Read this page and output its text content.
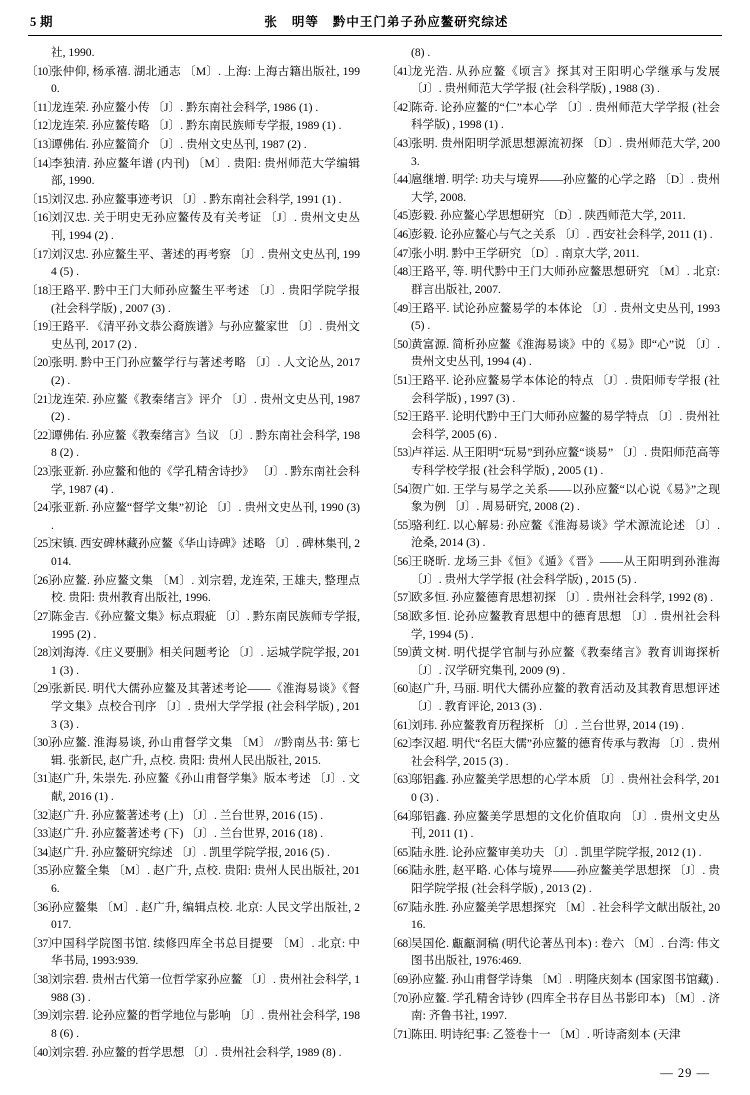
5 期	张 明等 黔中王门弟子孙应鳌研究综述
社, 1990.
〔10〕
张仲仰, 杨承禧. 湖北通志 〔M〕. 上海: 上海古籍出版社, 1990.
〔11〕
龙连荣. 孙应鳌小传 〔J〕. 黔东南社会科学, 1986 (1) .
〔12〕
龙连荣. 孙应鳌传略 〔J〕. 黔东南民族师专学报, 1989 (1) .
〔13〕
谭佛佑. 孙应鳌简介 〔J〕. 贵州文史丛刊, 1987 (2) .
〔14〕
李独清. 孙应鳌年谱 (内刊) 〔M〕. 贵阳: 贵州师范大学编辑部, 1990.
〔15〕
刘汉忠. 孙应鳌事迹考识 〔J〕. 黔东南社会科学, 1991 (1) .
〔16〕
刘汉忠. 关于明史无孙应鳌传及有关考证 〔J〕. 贵州文史丛刊, 1994 (2) .
〔17〕
刘汉忠. 孙应鳌生平、著述的再考察 〔J〕. 贵州文史丛刊, 1994 (5) .
〔18〕
王路平. 黔中王门大师孙应鳌生平考述 〔J〕. 贵阳学院学报 (社会科学版) , 2007 (3) .
〔19〕
王路平. 《清平孙文恭公裔族谱》与孙应鳌家世 〔J〕. 贵州文史丛刊, 2017 (2) .
〔20〕
张明. 黔中王门孙应鳌学行与著述考略 〔J〕. 人文论丛, 2017 (2) .
〔21〕
龙连荣. 孙应鳌《教秦绪言》评介 〔J〕. 贵州文史丛刊, 1987 (2) .
〔22〕
谭佛佑. 孙应鳌《教秦绪言》刍议 〔J〕. 黔东南社会科学, 1988 (2) .
〔23〕
张亚新. 孙应鳌和他的《学孔精舍诗抄》 〔J〕. 黔东南社会科学, 1987 (4) .
〔24〕
张亚新. 孙应鳌“督学文集”初论 〔J〕. 贵州文史丛刊, 1990 (3) .
〔25〕
宋镇. 西安碑林藏孙应鳌《华山诗碑》述略 〔J〕. 碑林集刊, 2014.
〔26〕
孙应鳌. 孙应鳌文集 〔M〕. 刘宗碧, 龙连荣, 王雄夫, 整理点校. 贵阳: 贵州教育出版社, 1996.
〔27〕
陈金吉.《孙应鳌文集》标点瑕疵 〔J〕. 黔东南民族师专学报, 1995 (2) .
〔28〕
刘海涛.《庄义要删》相关问题考论 〔J〕. 运城学院学报, 2011 (3) .
〔29〕
张新民. 明代大儒孙应鳌及其著述考论——《淮海易谈》《督学文集》点校合刊序 〔J〕. 贵州大学学报 (社会科学版) , 2013 (3) .
〔30〕
孙应鳌. 淮海易谈, 孙山甫督学文集 〔M〕 //黔南丛书: 第七辑. 张新民, 赵广升, 点校. 贵阳: 贵州人民出版社, 2015.
〔31〕
赵广升, 朱崇先. 孙应鳌《孙山甫督学集》版本考述 〔J〕. 文献, 2016 (1) .
〔32〕
赵广升. 孙应鳌著述考 (上) 〔J〕. 兰台世界, 2016 (15) .
〔33〕
赵广升. 孙应鳌著述考 (下) 〔J〕. 兰台世界, 2016 (18) .
〔34〕
赵广升. 孙应鳌研究综述 〔J〕. 凯里学院学报, 2016 (5) .
〔35〕
孙应鳌全集 〔M〕. 赵广升, 点校. 贵阳: 贵州人民出版社, 2016.
〔36〕
孙应鳌集 〔M〕. 赵广升, 编辑点校. 北京: 人民文学出版社, 2017.
〔37〕
中国科学院图书馆. 续修四库全书总目提要 〔M〕. 北京: 中华书局, 1993:939.
〔38〕
刘宗碧. 贵州古代第一位哲学家孙应鳌 〔J〕. 贵州社会科学, 1988 (3) .
〔39〕
刘宗碧. 论孙应鳌的哲学地位与影响 〔J〕. 贵州社会科学, 1988 (6) .
〔40〕
刘宗碧. 孙应鳌的哲学思想 〔J〕. 贵州社会科学, 1989 (8) .
(8) .
〔41〕
龙光浩. 从孙应鳌《顷言》探其对王阳明心学继承与发展 〔J〕. 贵州师范大学学报 (社会科学版) , 1988 (3) .
〔42〕
陈奇. 论孙应鳌的“仁”本心学 〔J〕. 贵州师范大学学报 (社会科学版) , 1998 (1) .
〔43〕
张明. 贵州阳明学派思想源流初探 〔D〕. 贵州师范大学, 2003.
〔44〕
扈继增. 明学: 功夫与境界——孙应鳌的心学之路 〔D〕. 贵州大学, 2008.
〔45〕
彭毅. 孙应鳌心学思想研究 〔D〕. 陕西师范大学, 2011.
〔46〕
彭毅. 论孙应鳌心与气之关系 〔J〕. 西安社会科学, 2011 (1) .
〔47〕
张小明. 黔中王学研究 〔D〕. 南京大学, 2011.
〔48〕
王路平, 等. 明代黔中王门大师孙应鳌思想研究 〔M〕. 北京: 群言出版社, 2007.
〔49〕
王路平. 试论孙应鳌易学的本体论 〔J〕. 贵州文史丛刊, 1993 (5) .
〔50〕
黄富源. 简析孙应鳌《淮海易谈》中的《易》即“心”说 〔J〕. 贵州文史丛刊, 1994 (4) .
〔51〕
王路平. 论孙应鳌易学本体论的特点 〔J〕. 贵阳师专学报 (社会科学版) , 1997 (3) .
〔52〕
王路平. 论明代黔中王门大师孙应鳌的易学特点 〔J〕. 贵州社会科学, 2005 (6) .
〔53〕
卢祥运. 从王阳明“玩易”到孙应鳌“谈易” 〔J〕. 贵阳师范高等专科学校学报 (社会科学版) , 2005 (1) .
〔54〕
贺广如. 王学与易学之关系——以孙应鳌“以心说《易》”之现象为例 〔J〕. 周易研究, 2008 (2) .
〔55〕
骆利红. 以心解易: 孙应鳌《淮海易谈》学术源流论述 〔J〕. 沧桑, 2014 (3) .
〔56〕
王晓昕. 龙场三卦《恒》《遁》《晋》——从王阳明到孙淮海 〔J〕. 贵州大学学报 (社会科学版) , 2015 (5) .
〔57〕
欧多恒. 孙应鳌德育思想初探 〔J〕. 贵州社会科学, 1992 (8) .
〔58〕
欧多恒. 论孙应鳌教育思想中的德育思想 〔J〕. 贵州社会科学, 1994 (5) .
〔59〕
黄文树. 明代提学官制与孙应鳌《教秦绪言》教育训诲探析 〔J〕. 汉学研究集刊, 2009 (9) .
〔60〕
赵广升, 马丽. 明代大儒孙应鳌的教育活动及其教育思想评述 〔J〕. 教育评论, 2013 (3) .
〔61〕
刘玮. 孙应鳌教育历程探析 〔J〕. 兰台世界, 2014 (19) .
〔62〕
李汉超. 明代“名臣大儒”孙应鳌的德育传承与教海 〔J〕. 贵州社会科学, 2015 (3) .
〔63〕
邬铝鑫. 孙应鳌美学思想的心学本质 〔J〕. 贵州社会科学, 2010 (3) .
〔64〕
邬铝鑫. 孙应鳌美学思想的文化价值取向 〔J〕. 贵州文史丛刊, 2011 (1) .
〔65〕
陆永胜. 论孙应鳌审美功夫 〔J〕. 凯里学院学报, 2012 (1) .
〔66〕
陆永胜, 赵平略. 心体与境界——孙应鳌美学思想探 〔J〕. 贵阳学院学报 (社会科学版) , 2013 (2) .
〔67〕
陆永胜. 孙应鳌美学思想探究 〔M〕. 社会科学文献出版社, 2016.
〔68〕
吴国伦. 甗甗洞稿 (明代论著丛刊本) : 卷六 〔M〕. 台湾: 伟文图书出版社, 1976:469.
〔69〕
孙应鳌. 孙山甫督学诗集 〔M〕. 明隆庆刻本 (国家图书馆藏) .
〔70〕
孙应鳌. 学孔精舍诗钞 (四库全书存目丛书影印本) 〔M〕. 济南: 齐鲁书社, 1997.
〔71〕
陈田. 明诗纪事: 乙签卷十一 〔M〕. 听诗斋刻本 (天津
— 29 —
